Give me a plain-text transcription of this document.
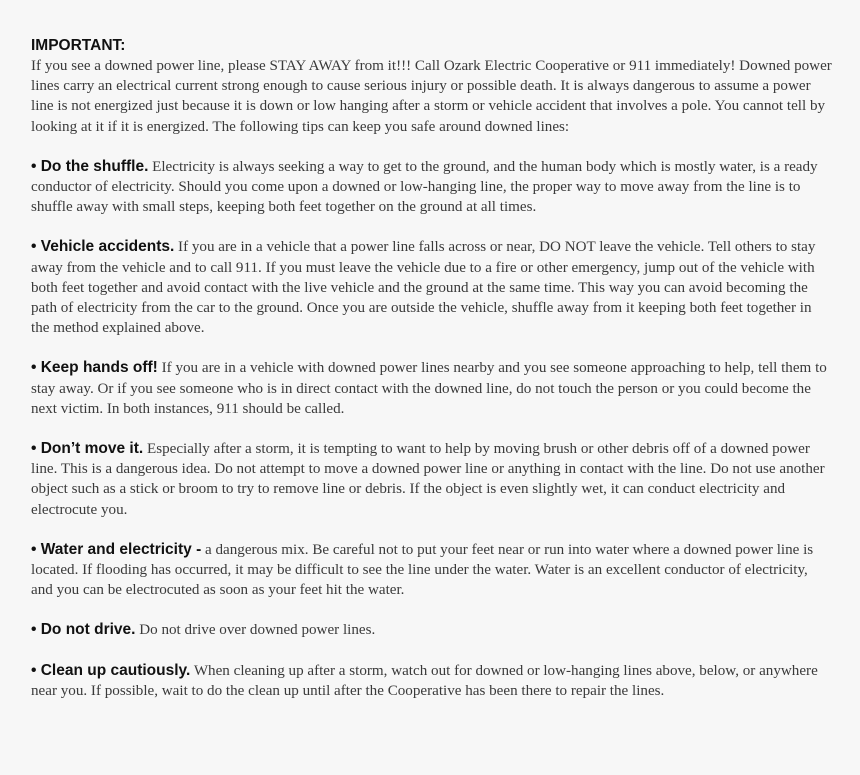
IMPORTANT:

If you see a downed power line, please STAY AWAY from it!!! Call Ozark Electric Cooperative or 911 immediately! Downed power lines carry an electrical current strong enough to cause serious injury or possible death. It is always dangerous to assume a power line is not energized just because it is down or low hanging after a storm or vehicle accident that involves a pole. You cannot tell by looking at it if it is energized. The following tips can keep you safe around downed lines:

• Do the shuffle. Electricity is always seeking a way to get to the ground, and the human body which is mostly water, is a ready conductor of electricity. Should you come upon a downed or low-hanging line, the proper way to move away from the line is to shuffle away with small steps, keeping both feet together on the ground at all times.

• Vehicle accidents. If you are in a vehicle that a power line falls across or near, DO NOT leave the vehicle. Tell others to stay away from the vehicle and to call 911. If you must leave the vehicle due to a fire or other emergency, jump out of the vehicle with both feet together and avoid contact with the live vehicle and the ground at the same time. This way you can avoid becoming the path of electricity from the car to the ground. Once you are outside the vehicle, shuffle away from it keeping both feet together in the method explained above.

• Keep hands off! If you are in a vehicle with downed power lines nearby and you see someone approaching to help, tell them to stay away. Or if you see someone who is in direct contact with the downed line, do not touch the person or you could become the next victim. In both instances, 911 should be called.

• Don’t move it. Especially after a storm, it is tempting to want to help by moving brush or other debris off of a downed power line. This is a dangerous idea. Do not attempt to move a downed power line or anything in contact with the line. Do not use another object such as a stick or broom to try to remove line or debris. If the object is even slightly wet, it can conduct electricity and electrocute you.

• Water and electricity - a dangerous mix. Be careful not to put your feet near or run into water where a downed power line is located. If flooding has occurred, it may be difficult to see the line under the water. Water is an excellent conductor of electricity, and you can be electrocuted as soon as your feet hit the water.

• Do not drive. Do not drive over downed power lines.

• Clean up cautiously. When cleaning up after a storm, watch out for downed or low-hanging lines above, below, or anywhere near you. If possible, wait to do the clean up until after the Cooperative has been there to repair the lines.
